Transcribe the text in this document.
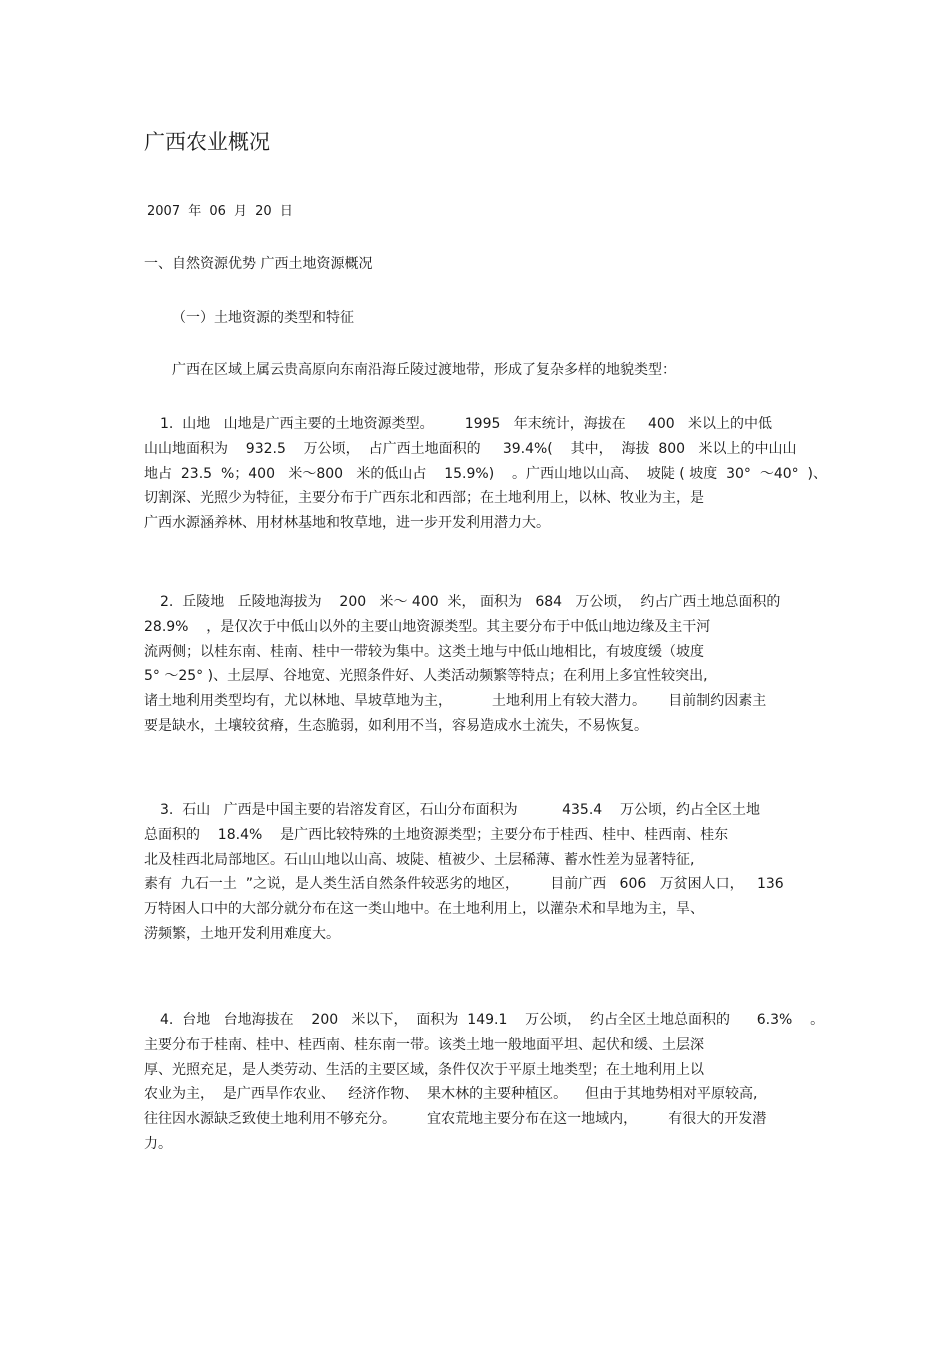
广西农业概况
2007 年 06 月 20 日
一、自然资源优势 广西土地资源概况
（一）土地资源的类型和特征
广西在区域上属云贵高原向东南沿海丘陵过渡地带，形成了复杂多样的地貌类型：
1.  山地   山地是广西主要的土地资源类型。       1995   年末统计，海拔在     400   米以上的中低
山山地面积为    932.5    万公顷，  占广西土地面积的     39.4%(    其中，  海拔  800   米以上的中山山
地占  23.5  %；400   米～800   米的低山占    15.9%)    。广西山地以山高、  坡陡 ( 坡度  30°  ～40°  )、
切割深、光照少为特征，主要分布于广西东北和西部；在土地利用上，以林、牧业为主，是
广西水源涵养林、用材林基地和牧草地，进一步开发利用潜力大。
2.  丘陵地   丘陵地海拔为    200   米～ 400  米， 面积为   684   万公顷，  约占广西土地总面积的
28.9%    ，是仅次于中低山以外的主要山地资源类型。其主要分布于中低山地边缘及主干河
流两侧；以桂东南、桂南、桂中一带较为集中。这类土地与中低山地相比，有坡度缓（坡度
5° ～25° )、土层厚、谷地宽、光照条件好、人类活动频繁等特点；在利用上多宜性较突出,
诸土地利用类型均有，尤以林地、旱坡草地为主，         土地利用上有较大潜力。     目前制约因素主
要是缺水，土壤较贫瘠，生态脆弱，如利用不当，容易造成水土流失，不易恢复。
3.  石山   广西是中国主要的岩溶发育区，石山分布面积为          435.4    万公顷，约占全区土地
总面积的    18.4%    是广西比较特殊的土地资源类型；主要分布于桂西、桂中、桂西南、桂东
北及桂西北局部地区。石山山地以山高、坡陡、植被少、土层稀薄、蓄水性差为显著特征,
素有  九石一土  ”之说，是人类生活自然条件较恶劣的地区，       目前广西   606   万贫困人口，   136
万特困人口中的大部分就分布在这一类山地中。在土地利用上，以灌杂术和旱地为主，旱、
涝频繁，土地开发利用难度大。
4.  台地   台地海拔在    200   米以下，  面积为  149.1    万公顷，  约占全区土地总面积的      6.3%    。
主要分布于桂南、桂中、桂西南、桂东南一带。该类土地一般地面平坦、起伏和缓、土层深
厚、光照充足，是人类劳动、生活的主要区域，条件仅次于平原土地类型；在土地利用上以
农业为主，  是广西旱作农业、   经济作物、  果木林的主要种植区。    但由于其地势相对平原较高,
往往因水源缺乏致使土地利用不够充分。       宜农荒地主要分布在这一地域内，       有很大的开发潜
力。
